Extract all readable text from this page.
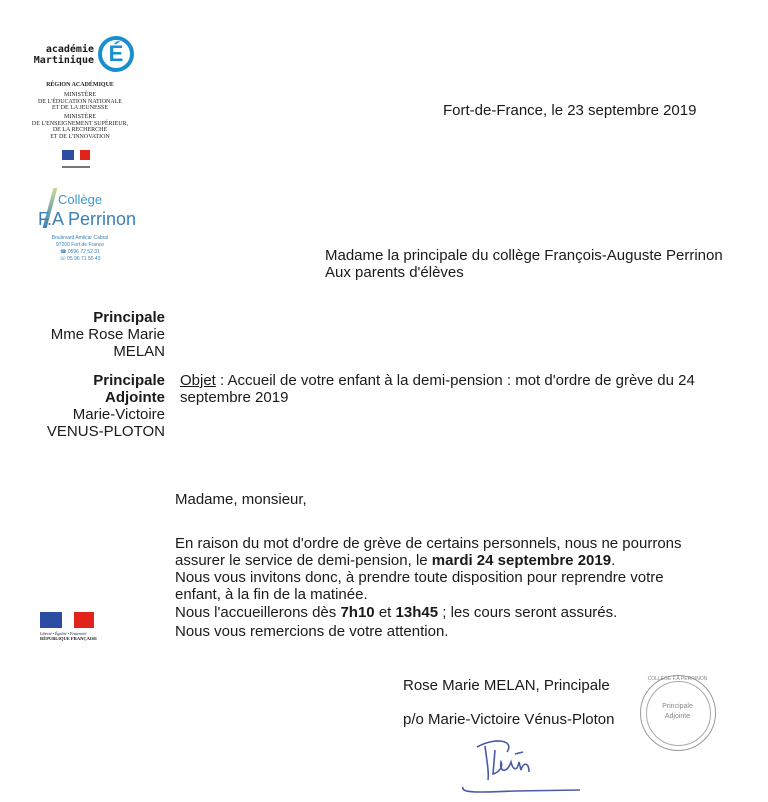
académie
Martinique É
RÉGION ACADÉMIQUE
MINISTÈRE
DE L'ÉDUCATION NATIONALE
ET DE LA JEUNESSE
MINISTÈRE
DE L'ENSEIGNEMENT SUPÉRIEUR,
DE LA RECHERCHE
ET DE L'INNOVATION
Collège
F.A Perrinon
Boulevard Amilcar Cabral
97200 Fort de France
☎ 0596 72 52 31
☏ 05 96 71 55 43
Fort-de-France, le 23 septembre 2019
Madame la principale du collège François-Auguste Perrinon
Aux parents d'élèves
Principale
Mme Rose Marie
MELAN
Principale
Adjointe
Marie-Victoire
VENUS-PLOTON
Liberté • Égalité • Fraternité
RÉPUBLIQUE FRANÇAISE
Objet : Accueil de votre enfant à la demi-pension : mot d'ordre de grève du 24
septembre 2019
Madame, monsieur,
En raison du mot d'ordre de grève de certains personnels, nous ne pourrons
assurer le service de demi-pension, le mardi 24 septembre 2019.
Nous vous invitons donc, à prendre toute disposition pour reprendre votre
enfant, à la fin de la matinée.
Nous l'accueillerons dès 7h10 et 13h45 ; les cours seront assurés.
Nous vous remercions de votre attention.
Rose Marie MELAN, Principale
p/o Marie-Victoire Vénus-Ploton
COLLÈGE F.A PERRINON
Principale
Adjointe
